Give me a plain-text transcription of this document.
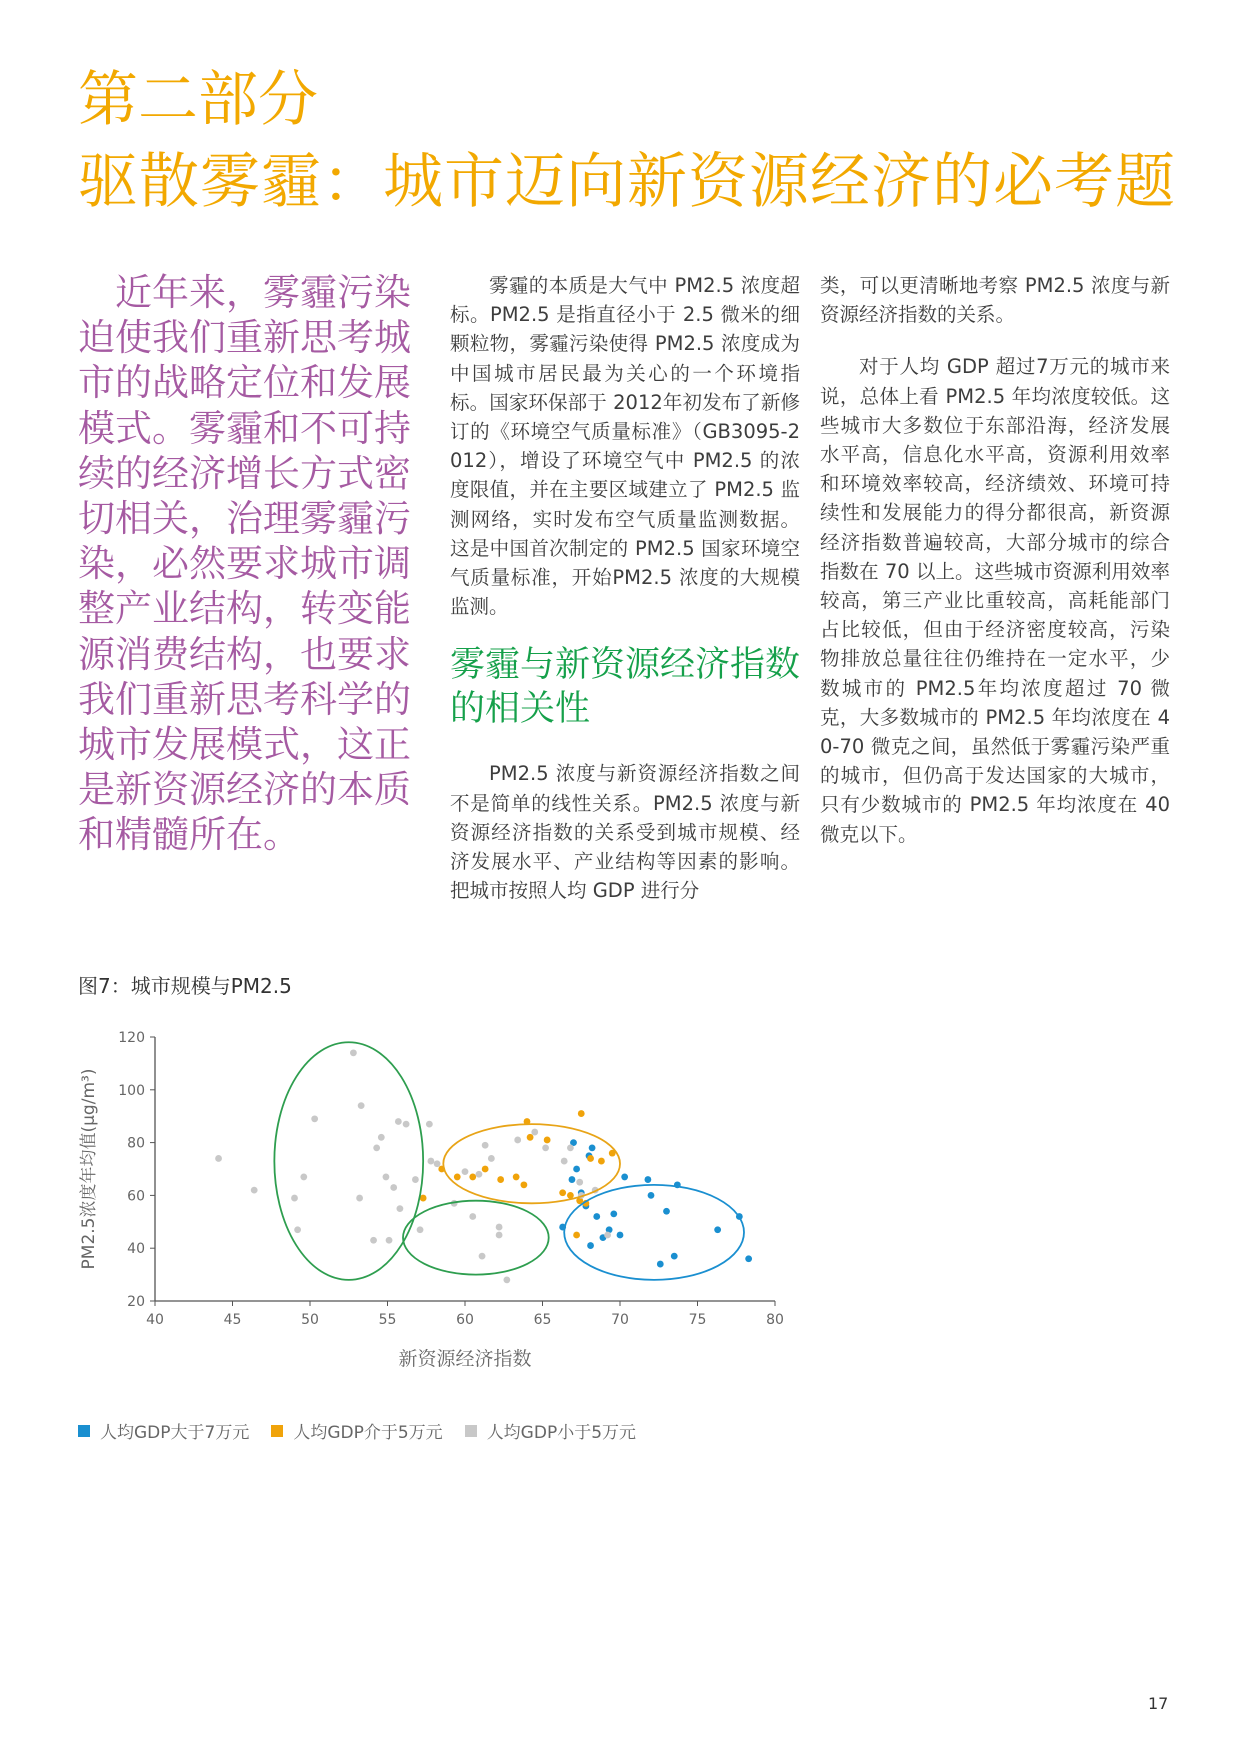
第二部分
驱散雾霾：城市迈向新资源经济的必考题

近年来，雾霾污染迫使我们重新思考城市的战略定位和发展模式。雾霾和不可持续的经济增长方式密切相关，治理雾霾污染，必然要求城市调整产业结构，转变能源消费结构，也要求我们重新思考科学的城市发展模式，这正是新资源经济的本质和精髓所在。

雾霾的本质是大气中 PM2.5 浓度超标。PM2.5 是指直径小于 2.5 微米的细颗粒物，雾霾污染使得 PM2.5 浓度成为中国城市居民最为关心的一个环境指标。国家环保部于 2012年初发布了新修订的《环境空气质量标准》（GB3095-2012），增设了环境空气中 PM2.5 的浓度限值，并在主要区域建立了 PM2.5 监测网络，实时发布空气质量监测数据。这是中国首次制定的 PM2.5 国家环境空气质量标准，开始PM2.5 浓度的大规模监测。

雾霾与新资源经济指数的相关性

PM2.5 浓度与新资源经济指数之间不是简单的线性关系。PM2.5 浓度与新资源经济指数的关系受到城市规模、经济发展水平、产业结构等因素的影响。把城市按照人均 GDP 进行分

类，可以更清晰地考察 PM2.5 浓度与新资源经济指数的关系。

对于人均 GDP 超过7万元的城市来说，总体上看 PM2.5 年均浓度较低。这些城市大多数位于东部沿海，经济发展水平高，信息化水平高，资源利用效率和环境效率较高，经济绩效、环境可持续性和发展能力的得分都很高，新资源经济指数普遍较高，大部分城市的综合指数在 70 以上。这些城市资源利用效率较高，第三产业比重较高，高耗能部门占比较低，但由于经济密度较高，污染物排放总量往往仍维持在一定水平，少数城市的 PM2.5年均浓度超过 70 微克，大多数城市的 PM2.5 年均浓度在 40-70 微克之间，虽然低于雾霾污染严重的城市，但仍高于发达国家的大城市，只有少数城市的 PM2.5 年均浓度在 40 微克以下。

图7：城市规模与PM2.5
20
40
60
80
100
120
40	45	50	55	60	65	70	75	80
新资源经济指数
PM2.5浓度年均值(μg/m³)
人均GDP大于7万元	人均GDP介于5万元	人均GDP小于5万元
17
